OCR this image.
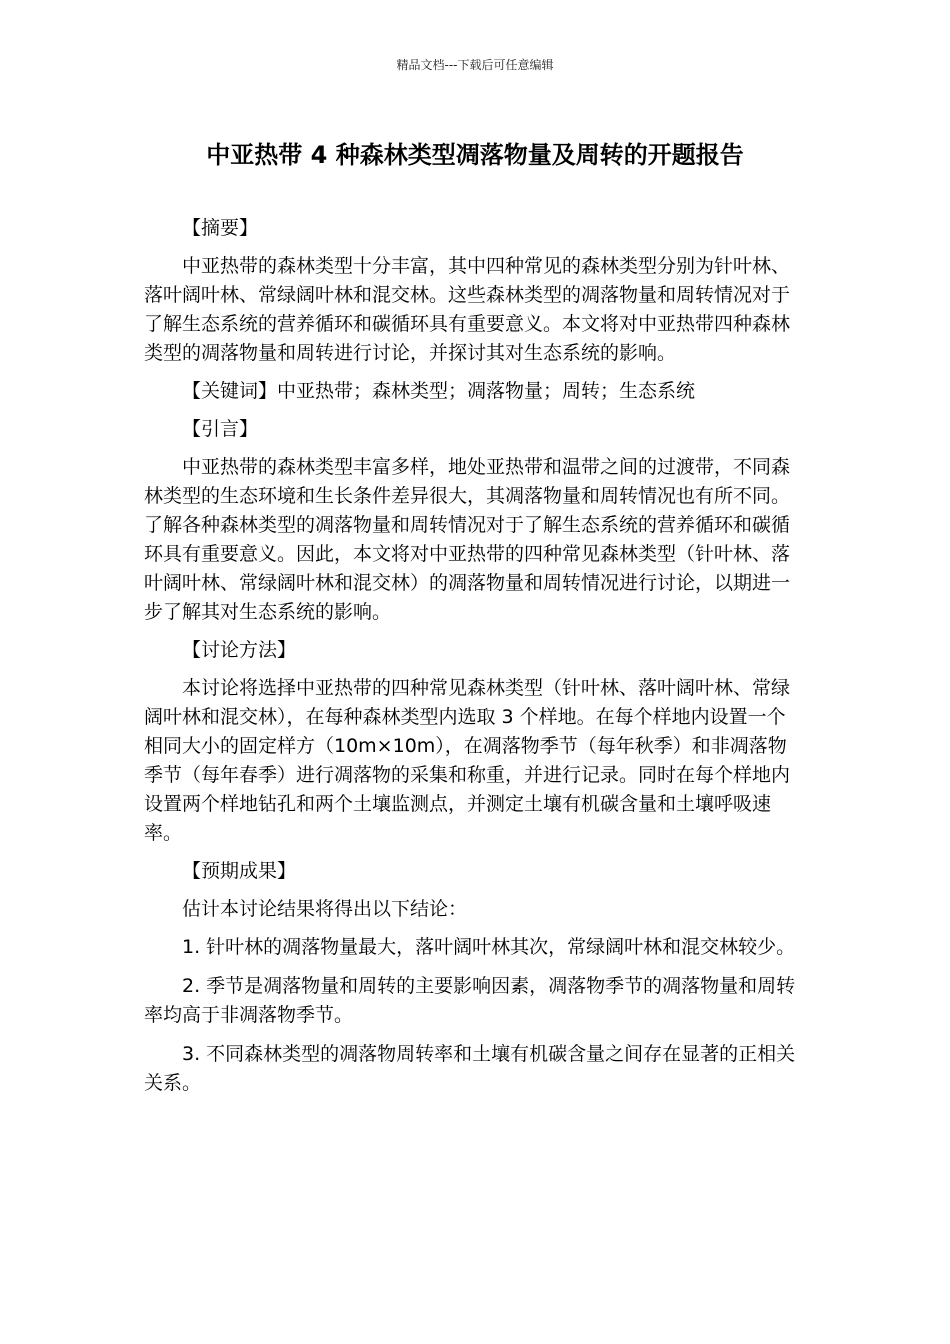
精品文档---下载后可任意编辑
中亚热带 4 种森林类型凋落物量及周转的开题报告

【摘要】

中亚热带的森林类型十分丰富，其中四种常见的森林类型分别为针叶林、落叶阔叶林、常绿阔叶林和混交林。这些森林类型的凋落物量和周转情况对于了解生态系统的营养循环和碳循环具有重要意义。本文将对中亚热带四种森林类型的凋落物量和周转进行讨论，并探讨其对生态系统的影响。

【关键词】中亚热带；森林类型；凋落物量；周转；生态系统

【引言】

中亚热带的森林类型丰富多样，地处亚热带和温带之间的过渡带，不同森林类型的生态环境和生长条件差异很大，其凋落物量和周转情况也有所不同。了解各种森林类型的凋落物量和周转情况对于了解生态系统的营养循环和碳循环具有重要意义。因此，本文将对中亚热带的四种常见森林类型（针叶林、落叶阔叶林、常绿阔叶林和混交林）的凋落物量和周转情况进行讨论，以期进一步了解其对生态系统的影响。

【讨论方法】

本讨论将选择中亚热带的四种常见森林类型（针叶林、落叶阔叶林、常绿阔叶林和混交林），在每种森林类型内选取 3 个样地。在每个样地内设置一个相同大小的固定样方（10m×10m），在凋落物季节（每年秋季）和非凋落物季节（每年春季）进行凋落物的采集和称重，并进行记录。同时在每个样地内设置两个样地钻孔和两个土壤监测点，并测定土壤有机碳含量和土壤呼吸速率。

【预期成果】

估计本讨论结果将得出以下结论：

1. 针叶林的凋落物量最大，落叶阔叶林其次，常绿阔叶林和混交林较少。

2. 季节是凋落物量和周转的主要影响因素，凋落物季节的凋落物量和周转率均高于非凋落物季节。

3. 不同森林类型的凋落物周转率和土壤有机碳含量之间存在显著的正相关关系。
